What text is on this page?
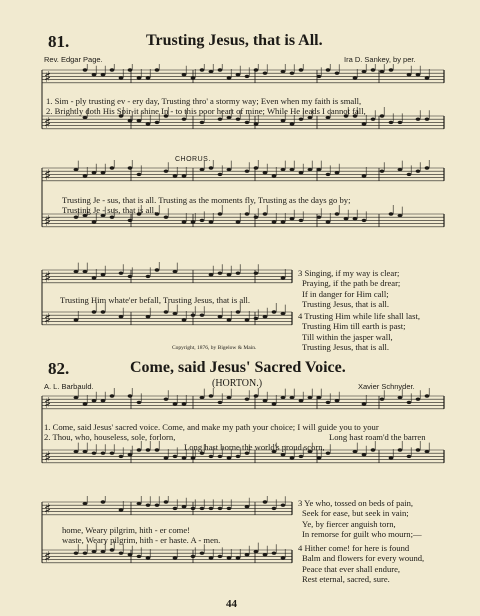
81.	Trusting Jesus, that is All.
Rev. Edgar Page.	Ira D. Sankey, by per.
♯
♯
1. Sim - ply trusting ev - ery day, Trusting thro' a stormy way; Even when my faith is small,
2. Brightly doth His Spir-it shine In - to this poor heart of mine; While He leads I cannot fall,
CHORUS.
♯
♯
Trusting Je - sus, that is all. Trusting as the moments fly, Trusting as the days go by;
Trusting Je - sus, that is all.
♯
♯
Trusting Him whate'er befall, Trusting Jesus, that is all.
Copyright, 1876, by Bigelow & Main.
3 Singing, if my way is clear;
Praying, if the path be drear;
If in danger for Him call;
Trusting Jesus, that is all.
4 Trusting Him while life shall last,
Trusting Him till earth is past;
Till within the jasper wall,
Trusting Jesus, that is all.
82.	Come, said Jesus' Sacred Voice.
A. L. Barbauld.	(HORTON.)	Xavier Schnyder.
♯
♯
1. Come, said Jesus' sacred voice. Come, and make my path your choice; I will guide you to your
2. Thou, who, houseless, sole, forlorn,	Long hast roam'd the barren
Long hast borne the world's proud scorn,
♯
♯
home, Weary pilgrim, hith - er come!
waste, Weary pilgrim, hith - er haste. A - men.
3 Ye who, tossed on beds of pain,
Seek for ease, but seek in vain;
Ye, by fiercer anguish torn,
In remorse for guilt who mourn;—
4 Hither come! for here is found
Balm and flowers for every wound,
Peace that ever shall endure,
Rest eternal, sacred, sure.
44
